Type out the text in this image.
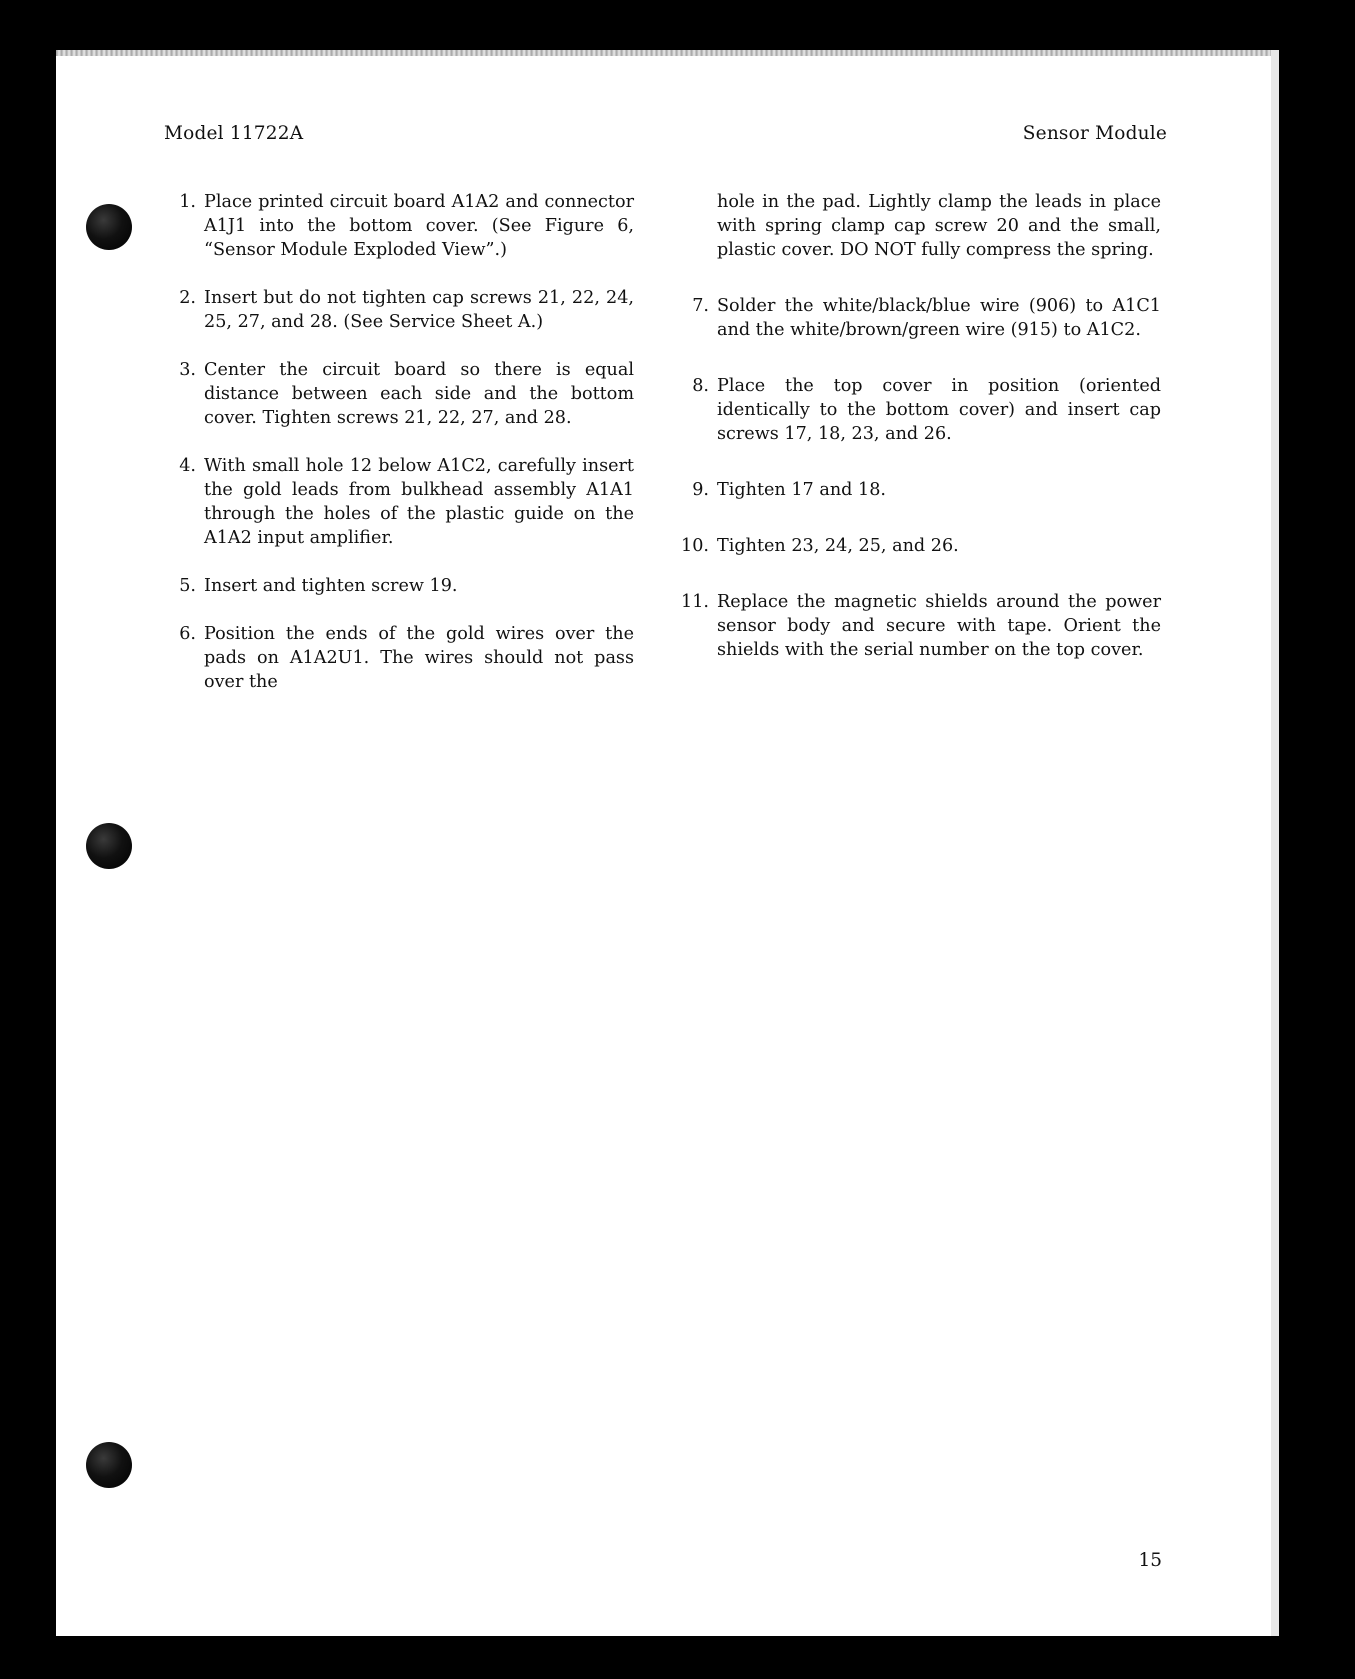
Model 11722A	Sensor Module
1. Place printed circuit board A1A2 and connector A1J1 into the bottom cover. (See Figure 6, “Sensor Module Exploded View”.)
2. Insert but do not tighten cap screws 21, 22, 24, 25, 27, and 28. (See Service Sheet A.)
3. Center the circuit board so there is equal distance between each side and the bottom cover. Tighten screws 21, 22, 27, and 28.
4. With small hole 12 below A1C2, carefully insert the gold leads from bulkhead assembly A1A1 through the holes of the plastic guide on the A1A2 input amplifier.
5. Insert and tighten screw 19.
6. Position the ends of the gold wires over the pads on A1A2U1. The wires should not pass over the
hole in the pad. Lightly clamp the leads in place with spring clamp cap screw 20 and the small, plastic cover. DO NOT fully compress the spring.
7. Solder the white/black/blue wire (906) to A1C1 and the white/brown/green wire (915) to A1C2.
8. Place the top cover in position (oriented identically to the bottom cover) and insert cap screws 17, 18, 23, and 26.
9. Tighten 17 and 18.
10. Tighten 23, 24, 25, and 26.
11. Replace the magnetic shields around the power sensor body and secure with tape. Orient the shields with the serial number on the top cover.
15
